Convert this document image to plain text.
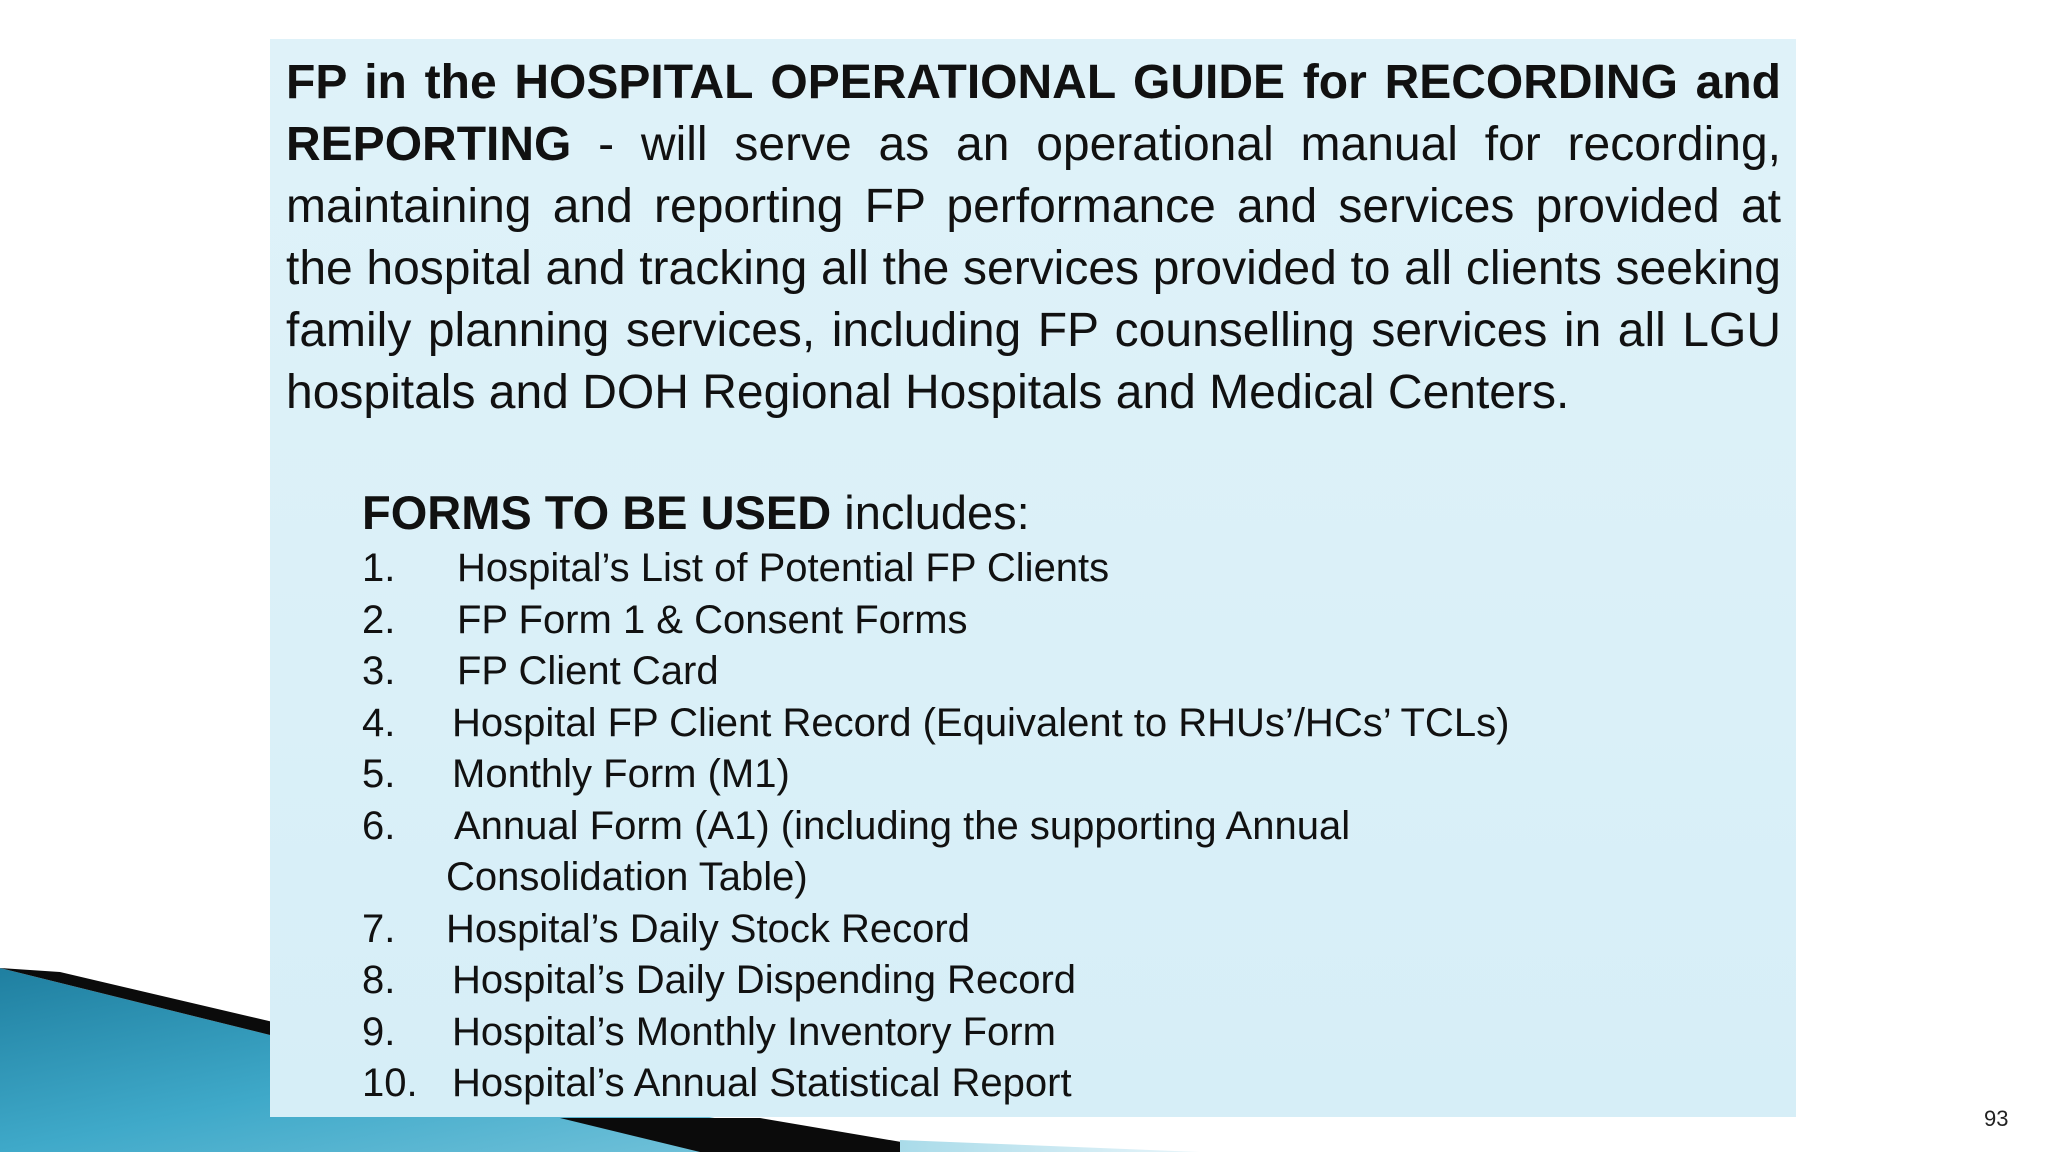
FP in the HOSPITAL OPERATIONAL GUIDE for RECORDING and REPORTING - will serve as an operational manual for recording, maintaining and reporting FP performance and services provided at the hospital and tracking all the services provided to all clients seeking family planning services, including FP counselling services in all LGU hospitals and DOH Regional Hospitals and Medical Centers.

FORMS TO BE USED includes:

1. Hospital’s List of Potential FP Clients
2. FP Form 1 & Consent Forms
3. FP Client Card
4. Hospital FP Client Record (Equivalent to RHUs’/HCs’ TCLs)
5. Monthly Form (M1)
6. Annual Form (A1) (including the supporting Annual
Consolidation Table)
7. Hospital’s Daily Stock Record
8. Hospital’s Daily Dispending Record
9. Hospital’s Monthly Inventory Form
10. Hospital’s Annual Statistical Report
93
